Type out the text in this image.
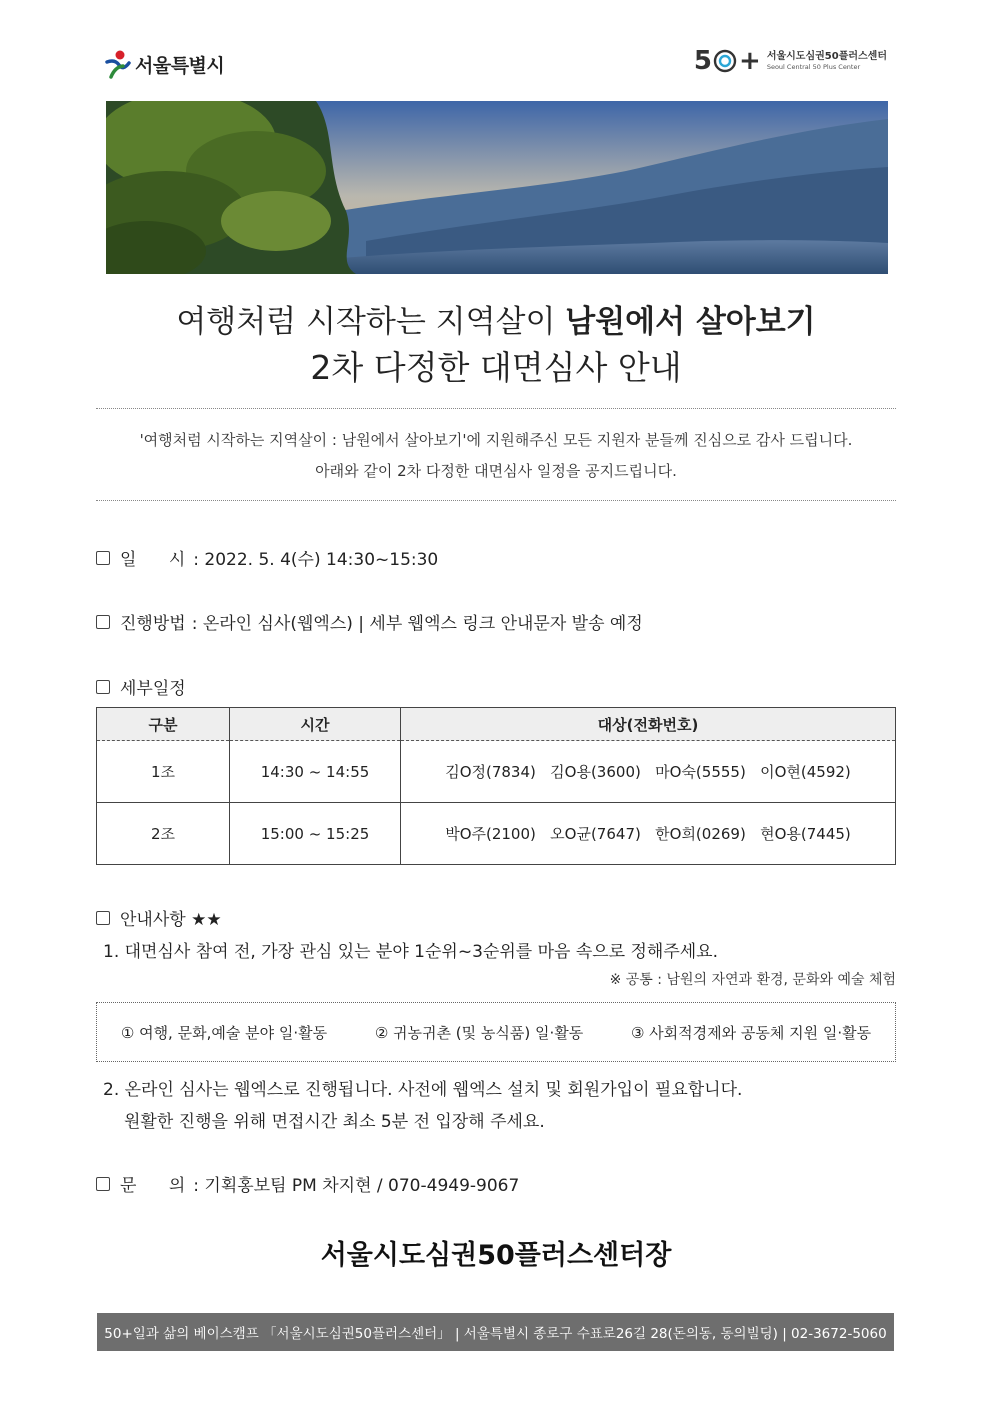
서울특별시	5 + 서울시도심권50플러스센터
Seoul Central 50 Plus Center
여행처럼 시작하는 지역살이 남원에서 살아보기
2차 다정한 대면심사 안내
'여행처럼 시작하는 지역살이 : 남원에서 살아보기'에 지원해주신 모든 지원자 분들께 진심으로 감사 드립니다.
아래와 같이 2차 다정한 대면심사 일정을 공지드립니다.
일      시 : 2022. 5. 4(수) 14:30~15:30
진행방법 : 온라인 심사(웹엑스) | 세부 웹엑스 링크 안내문자 발송 예정
세부일정
구분	시간	대상(전화번호)
1조	14:30 ~ 14:55	김O정(7834)   김O용(3600)   마O숙(5555)   이O현(4592)
2조	15:00 ~ 15:25	박O주(2100)   오O균(7647)   한O희(0269)   현O용(7445)
안내사항 ★★
1. 대면심사 참여 전, 가장 관심 있는 분야 1순위~3순위를 마음 속으로 정해주세요.
※ 공통 : 남원의 자연과 환경, 문화와 예술 체험
① 여행, 문화,예술 분야 일·활동	② 귀농귀촌 (및 농식품) 일·활동	③ 사회적경제와 공동체 지원 일·활동
2. 온라인 심사는 웹엑스로 진행됩니다. 사전에 웹엑스 설치 및 회원가입이 필요합니다.
원활한 진행을 위해 면접시간 최소 5분 전 입장해 주세요.
문      의 : 기획홍보팀 PM 차지현 / 070-4949-9067
서울시도심권50플러스센터장
50+일과 삶의 베이스캠프 「서울시도심권50플러스센터」 | 서울특별시 종로구 수표로26길 28(돈의동, 동의빌딩) | 02-3672-5060
